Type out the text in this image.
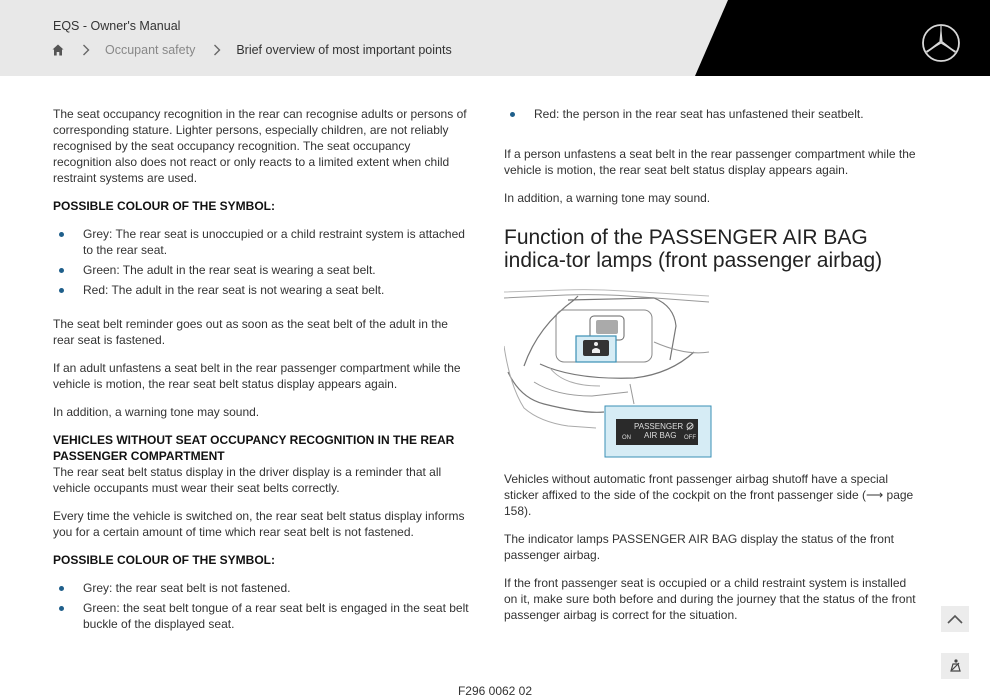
EQS - Owner's Manual
Occupant safety	Brief overview of most important points

The seat occupancy recognition in the rear can recognise adults or persons of corresponding stature. Lighter persons, especially children, are not reliably recognised by the seat occupancy recognition. The seat occupancy recognition also does not react or only reacts to a limited extent when child restraint systems are used.

POSSIBLE COLOUR OF THE SYMBOL:
Grey: The rear seat is unoccupied or a child restraint system is attached to the rear seat.
Green: The adult in the rear seat is wearing a seat belt.
Red: The adult in the rear seat is not wearing a seat belt.

The seat belt reminder goes out as soon as the seat belt of the adult in the rear seat is fastened.

If an adult unfastens a seat belt in the rear passenger compartment while the vehicle is motion, the rear seat belt status display appears again.

In addition, a warning tone may sound.

VEHICLES WITHOUT SEAT OCCUPANCY RECOGNITION IN THE REAR PASSENGER COMPARTMENT

The rear seat belt status display in the driver display is a reminder that all vehicle occupants must wear their seat belts correctly.

Every time the vehicle is switched on, the rear seat belt status display informs you for a certain amount of time which rear seat belt is not fastened.

POSSIBLE COLOUR OF THE SYMBOL:
Grey: the rear seat belt is not fastened.
Green: the seat belt tongue of a rear seat belt is engaged in the seat belt buckle of the displayed seat.
Red: the person in the rear seat has unfastened their seatbelt.

If a person unfastens a seat belt in the rear passenger compartment while the vehicle is motion, the rear seat belt status display appears again.

In addition, a warning tone may sound.

Function of the PASSENGER AIR BAG indica-tor lamps (front passenger airbag)
PASSENGER
AIR BAG
ON	OFF

Vehicles without automatic front passenger airbag shutoff have a special sticker affixed to the side of the cockpit on the front passenger side (⟶ page 158).

The indicator lamps PASSENGER AIR BAG display the status of the front passenger airbag.

If the front passenger seat is occupied or a child restraint system is installed on it, make sure both before and during the journey that the status of the front passenger airbag is correct for the situation.

F296 0062 02
